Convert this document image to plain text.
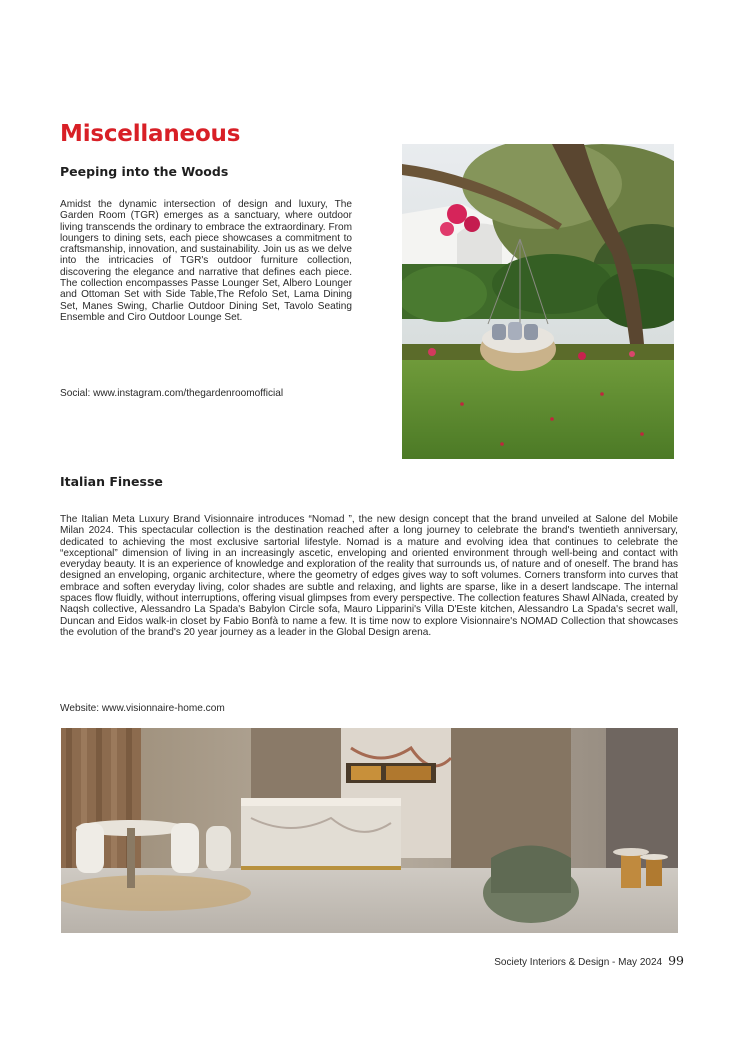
Miscellaneous
Peeping into the Woods

Amidst the dynamic intersection of design and luxury, The Garden Room (TGR) emerges as a sanctuary, where outdoor living transcends the ordinary to embrace the extraordinary. From loungers to dining sets, each piece showcases a commitment to craftsmanship, innovation, and sustainability. Join us as we delve into the intricacies of TGR's outdoor furniture collection, discovering the elegance and narrative that defines each piece. The collection encompasses Passe Lounger Set, Albero Lounger and Ottoman Set with Side Table,The Refolo Set, Lama Dining Set, Manes Swing, Charlie Outdoor Dining Set, Tavolo Seating Ensemble and Ciro Outdoor Lounge Set.

Social: www.instagram.com/thegardenroomofficial

Italian Finesse

The Italian Meta Luxury Brand Visionnaire introduces “Nomad ”, the new design concept that the brand unveiled at Salone del Mobile Milan 2024. This spectacular collection is the destination reached after a long journey to celebrate the brand's twentieth anniversary, dedicated to achieving the most exclusive sartorial lifestyle. Nomad is a mature and evolving idea that continues to celebrate the “exceptional” dimension of living in an increasingly ascetic, enveloping and oriented environment through well-being and contact with everyday beauty. It is an experience of knowledge and exploration of the reality that surrounds us, of nature and of oneself. The brand has designed an enveloping, organic architecture, where the geometry of edges gives way to soft volumes. Corners transform into curves that embrace and soften everyday living, color shades are subtle and relaxing, and lights are sparse, like in a desert landscape. The internal spaces flow fluidly, without interruptions, offering visual glimpses from every perspective. The collection features Shawl AlNada, created by Naqsh collective, Alessandro La Spada's Babylon Circle sofa, Mauro Lipparini's Villa D'Este kitchen, Alessandro La Spada's secret wall, Duncan and Eidos walk-in closet by Fabio Bonfà to name a few. It is time now to explore Visionnaire's NOMAD Collection that showcases the evolution of the brand's 20 year journey as a leader in the Global Design arena.

Website: www.visionnaire-home.com

Society Interiors & Design - May 2024 99
